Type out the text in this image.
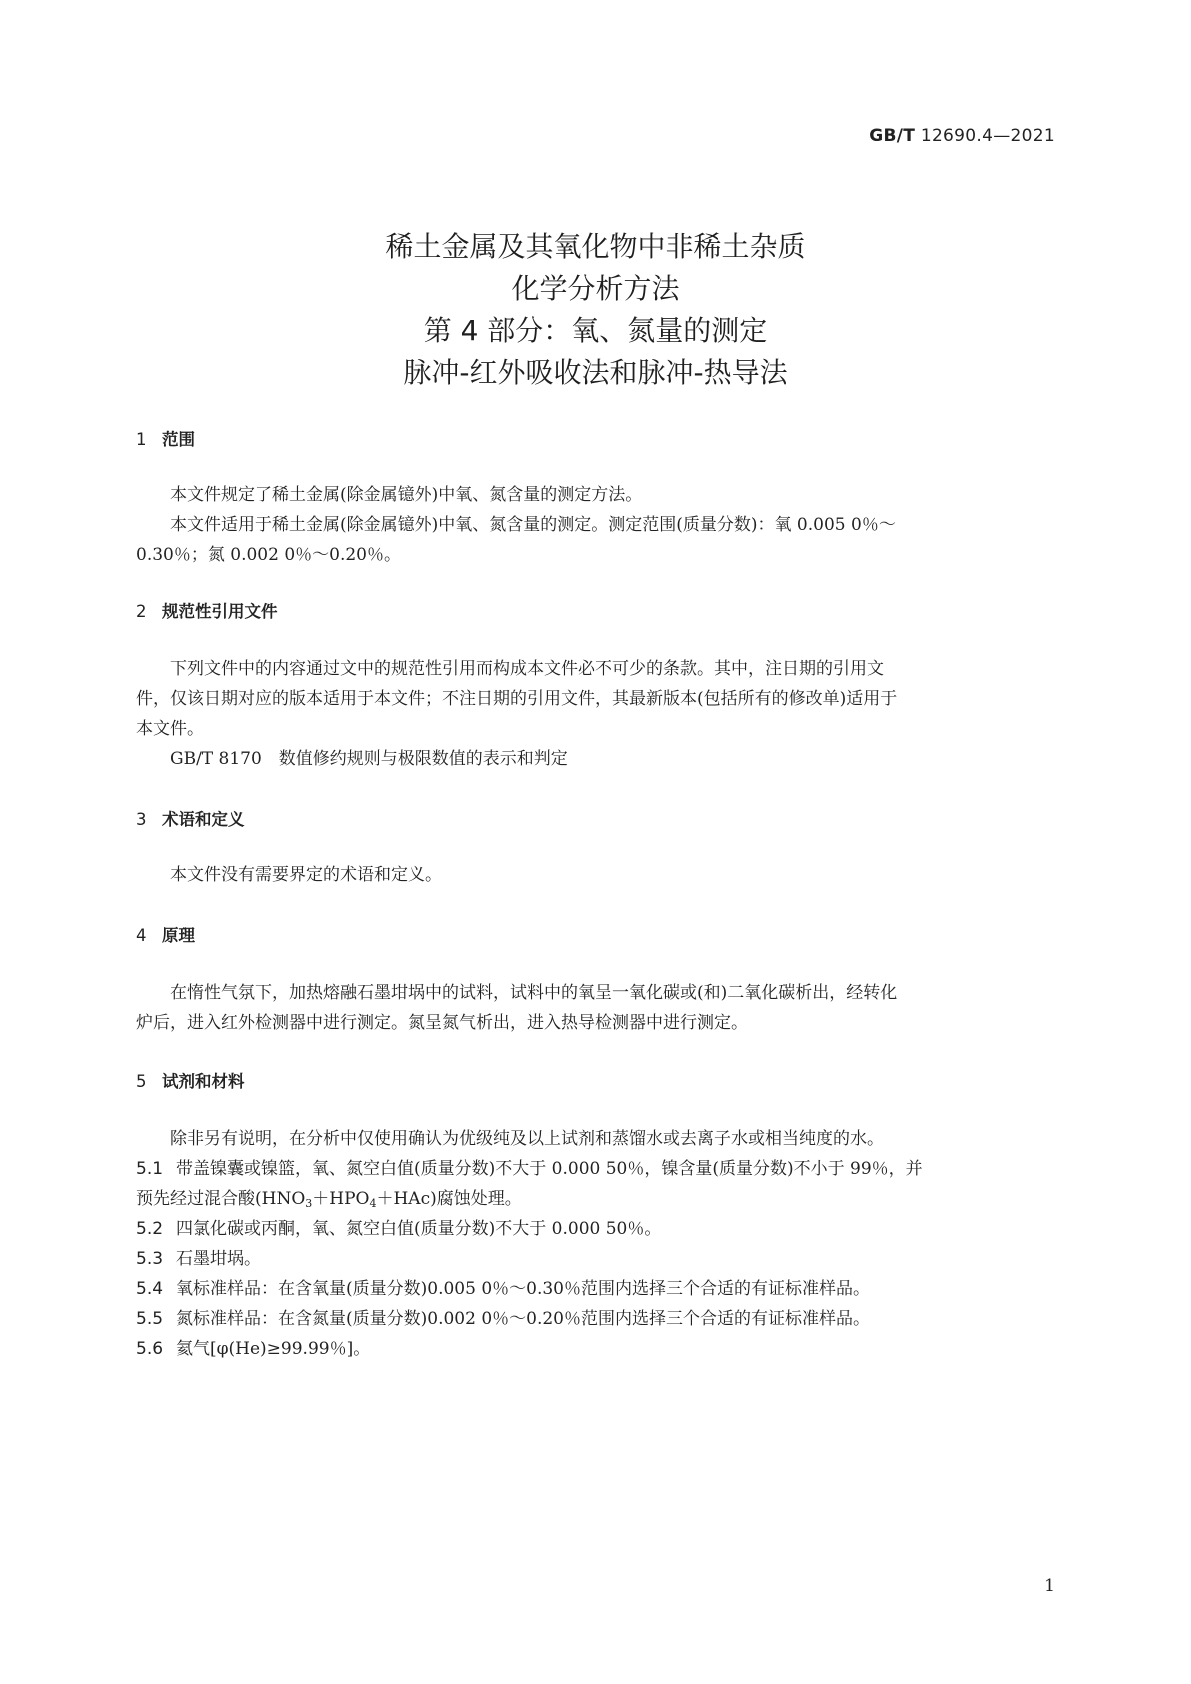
GB/T 12690.4—2021
稀土金属及其氧化物中非稀土杂质
化学分析方法
第 4 部分：氧、氮量的测定
脉冲-红外吸收法和脉冲-热导法
1 范围
本文件规定了稀土金属(除金属镱外)中氧、氮含量的测定方法。
本文件适用于稀土金属(除金属镱外)中氧、氮含量的测定。测定范围(质量分数)：氧 0.005 0％～
0.30％；氮 0.002 0％～0.20％。
2 规范性引用文件
下列文件中的内容通过文中的规范性引用而构成本文件必不可少的条款。其中，注日期的引用文
件，仅该日期对应的版本适用于本文件；不注日期的引用文件，其最新版本(包括所有的修改单)适用于
本文件。
GB/T 8170　数值修约规则与极限数值的表示和判定
3 术语和定义
本文件没有需要界定的术语和定义。
4 原理
在惰性气氛下，加热熔融石墨坩埚中的试料，试料中的氧呈一氧化碳或(和)二氧化碳析出，经转化
炉后，进入红外检测器中进行测定。氮呈氮气析出，进入热导检测器中进行测定。
5 试剂和材料
除非另有说明，在分析中仅使用确认为优级纯及以上试剂和蒸馏水或去离子水或相当纯度的水。
5.1 带盖镍囊或镍篮，氧、氮空白值(质量分数)不大于 0.000 50％，镍含量(质量分数)不小于 99％，并
预先经过混合酸$(HNO_3+HPO_4+HAc)$腐蚀处理。
5.2 四氯化碳或丙酮，氧、氮空白值(质量分数)不大于 0.000 50％。
5.3 石墨坩埚。
5.4 氧标准样品：在含氧量(质量分数)0.005 0％～0.30％范围内选择三个合适的有证标准样品。
5.5 氮标准样品：在含氮量(质量分数)0.002 0％～0.20％范围内选择三个合适的有证标准样品。
5.6 氦气[φ(He)≥99.99％]。
1
